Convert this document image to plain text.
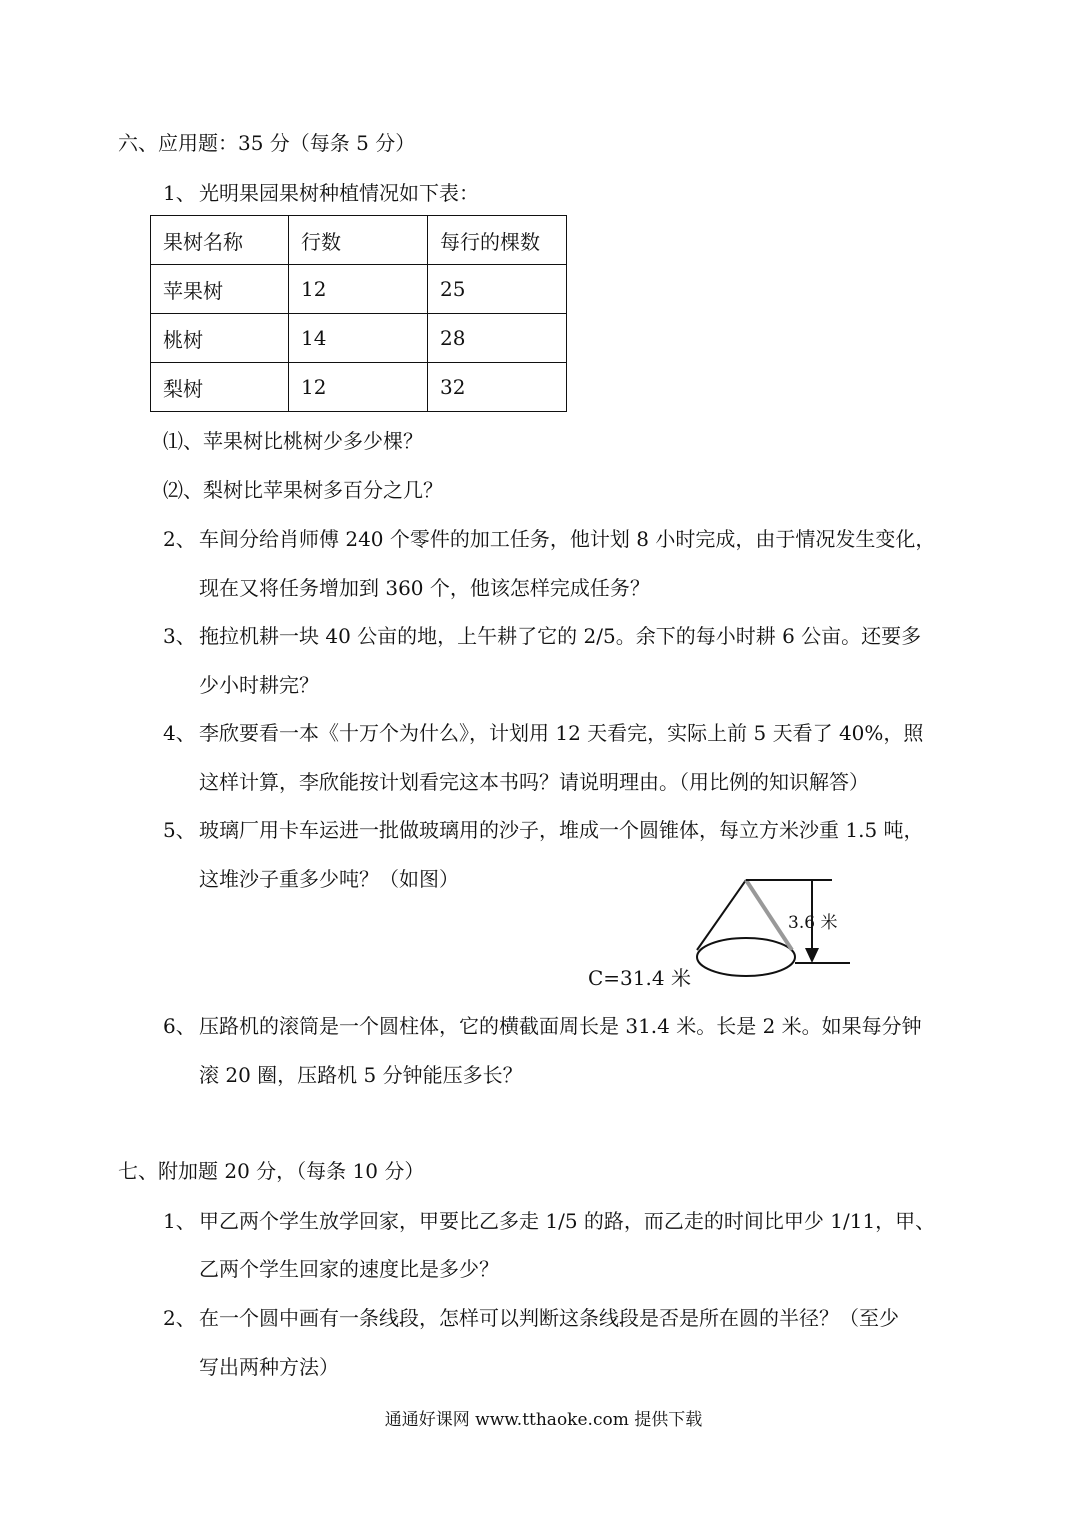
六、应用题：35 分（每条 5 分）
1、 光明果园果树种植情况如下表：
果树名称	行数	每行的棵数
苹果树	12	25
桃树	14	28
梨树	12	32
⑴、苹果树比桃树少多少棵？
⑵、梨树比苹果树多百分之几？
2、 车间分给肖师傅 240 个零件的加工任务，他计划 8 小时完成，由于情况发生变化，
现在又将任务增加到 360 个，他该怎样完成任务？
3、 拖拉机耕一块 40 公亩的地，上午耕了它的 2/5。余下的每小时耕 6 公亩。还要多
少小时耕完？
4、 李欣要看一本《十万个为什么》，计划用 12 天看完，实际上前 5 天看了 40%，照
这样计算，李欣能按计划看完这本书吗？请说明理由。（用比例的知识解答）
5、 玻璃厂用卡车运进一批做玻璃用的沙子，堆成一个圆锥体，每立方米沙重 1.5 吨，
这堆沙子重多少吨？（如图）
3.6 米
C=31.4 米
6、 压路机的滚筒是一个圆柱体，它的横截面周长是 31.4 米。长是 2 米。如果每分钟
滚 20 圈，压路机 5 分钟能压多长？
七、附加题 20 分，（每条 10 分）
1、 甲乙两个学生放学回家，甲要比乙多走 1/5 的路，而乙走的时间比甲少 1/11，甲、
乙两个学生回家的速度比是多少？
2、 在一个圆中画有一条线段，怎样可以判断这条线段是否是所在圆的半径？（至少
写出两种方法）
通通好课网 www.tthaoke.com 提供下载
